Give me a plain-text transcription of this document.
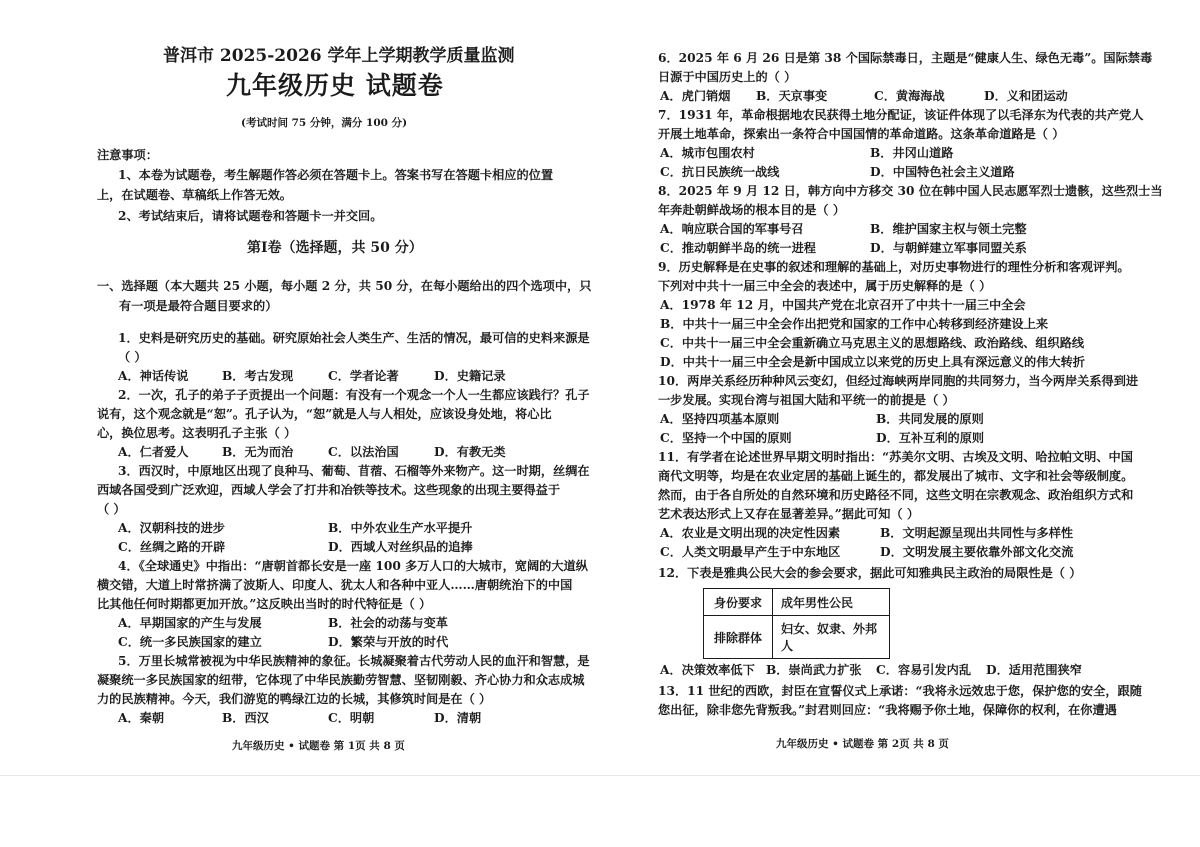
普洱市 2025-2026 学年上学期教学质量监测
九年级历史 试题卷
(考试时间 75 分钟，满分 100 分)
注意事项：
1、本卷为试题卷，考生解题作答必须在答题卡上。答案书写在答题卡相应的位置
上，在试题卷、草稿纸上作答无效。
2、考试结束后，请将试题卷和答题卡一并交回。
第Ⅰ卷（选择题，共 50 分）
一、选择题（本大题共 25 小题，每小题 2 分，共 50 分，在每小题给出的四个选项中，只
有一项是最符合题目要求的）
1．史料是研究历史的基础。研究原始社会人类生产、生活的情况，最可信的史料来源是
（ ）
A．神话传说	B．考古发现	C．学者论著	D．史籍记录
2．一次，孔子的弟子子贡提出一个问题：有没有一个观念一个人一生都应该践行？孔子
说有，这个观念就是“恕”。孔子认为，“恕”就是人与人相处，应该设身处地，将心比
心，换位思考。这表明孔子主张（ ）
A．仁者爱人	B．无为而治	C．以法治国	D．有教无类
3．西汉时，中原地区出现了良种马、葡萄、苜蓿、石榴等外来物产。这一时期，丝绸在
西域各国受到广泛欢迎，西域人学会了打井和冶铁等技术。这些现象的出现主要得益于
（ ）
A．汉朝科技的进步	B．中外农业生产水平提升
C．丝绸之路的开辟	D．西域人对丝织品的追捧
4．《全球通史》中指出：“唐朝首都长安是一座 100 多万人口的大城市，宽阔的大道纵
横交错，大道上时常挤满了波斯人、印度人、犹太人和各种中亚人……唐朝统治下的中国
比其他任何时期都更加开放。”这反映出当时的时代特征是（ ）
A．早期国家的产生与发展	B．社会的动荡与变革
C．统一多民族国家的建立	D．繁荣与开放的时代
5．万里长城常被视为中华民族精神的象征。长城凝聚着古代劳动人民的血汗和智慧，是
凝聚统一多民族国家的纽带，它体现了中华民族勤劳智慧、坚韧刚毅、齐心协力和众志成城
力的民族精神。今天，我们游览的鸭绿江边的长城，其修筑时间是在（ ）
A．秦朝	B．西汉	C．明朝	D．清朝
九年级历史 • 试题卷 第 1页 共 8 页
6．2025 年 6 月 26 日是第 38 个国际禁毒日，主题是“健康人生、绿色无毒”。国际禁毒
日源于中国历史上的（ ）
A．虎门销烟 B．天京事变	C．黄海海战	D．义和团运动
7．1931 年，革命根据地农民获得土地分配证，该证件体现了以毛泽东为代表的共产党人
开展土地革命，探索出一条符合中国国情的革命道路。这条革命道路是（ ）
A．城市包围农村	B．井冈山道路
C．抗日民族统一战线	D．中国特色社会主义道路
8．2025 年 9 月 12 日，韩方向中方移交 30 位在韩中国人民志愿军烈士遗骸，这些烈士当
年奔赴朝鲜战场的根本目的是（ ）
A．响应联合国的军事号召	B．维护国家主权与领土完整
C．推动朝鲜半岛的统一进程	D．与朝鲜建立军事同盟关系
9．历史解释是在史事的叙述和理解的基础上，对历史事物进行的理性分析和客观评判。
下列对中共十一届三中全会的表述中，属于历史解释的是（ ）
A．1978 年 12 月，中国共产党在北京召开了中共十一届三中全会
B．中共十一届三中全会作出把党和国家的工作中心转移到经济建设上来
C．中共十一届三中全会重新确立马克思主义的思想路线、政治路线、组织路线
D．中共十一届三中全会是新中国成立以来党的历史上具有深远意义的伟大转折
10．两岸关系经历种种风云变幻，但经过海峡两岸同胞的共同努力，当今两岸关系得到进
一步发展。实现台湾与祖国大陆和平统一的前提是（ ）
A．坚持四项基本原则	B．共同发展的原则
C．坚持一个中国的原则	D．互补互利的原则
11．有学者在论述世界早期文明时指出：“苏美尔文明、古埃及文明、哈拉帕文明、中国
商代文明等，均是在农业定居的基础上诞生的，都发展出了城市、文字和社会等级制度。
然而，由于各自所处的自然环境和历史路径不同，这些文明在宗教观念、政治组织方式和
艺术表达形式上又存在显著差异。”据此可知（ ）
A．农业是文明出现的决定性因素	B．文明起源呈现出共同性与多样性
C．人类文明最早产生于中东地区	D．文明发展主要依靠外部文化交流
12．下表是雅典公民大会的参会要求，据此可知雅典民主政治的局限性是（ ）
A．决策效率低下 B．崇尚武力扩张 C．容易引发内乱 D．适用范围狭窄
13．11 世纪的西欧，封臣在宣誓仪式上承诺：“我将永远效忠于您，保护您的安全，跟随
您出征，除非您先背叛我。”封君则回应：“我将赐予你土地，保障你的权利，在你遭遇
九年级历史 • 试题卷 第 2页 共 8 页
身份要求	成年男性公民
排除群体	妇女、奴隶、外邦人
